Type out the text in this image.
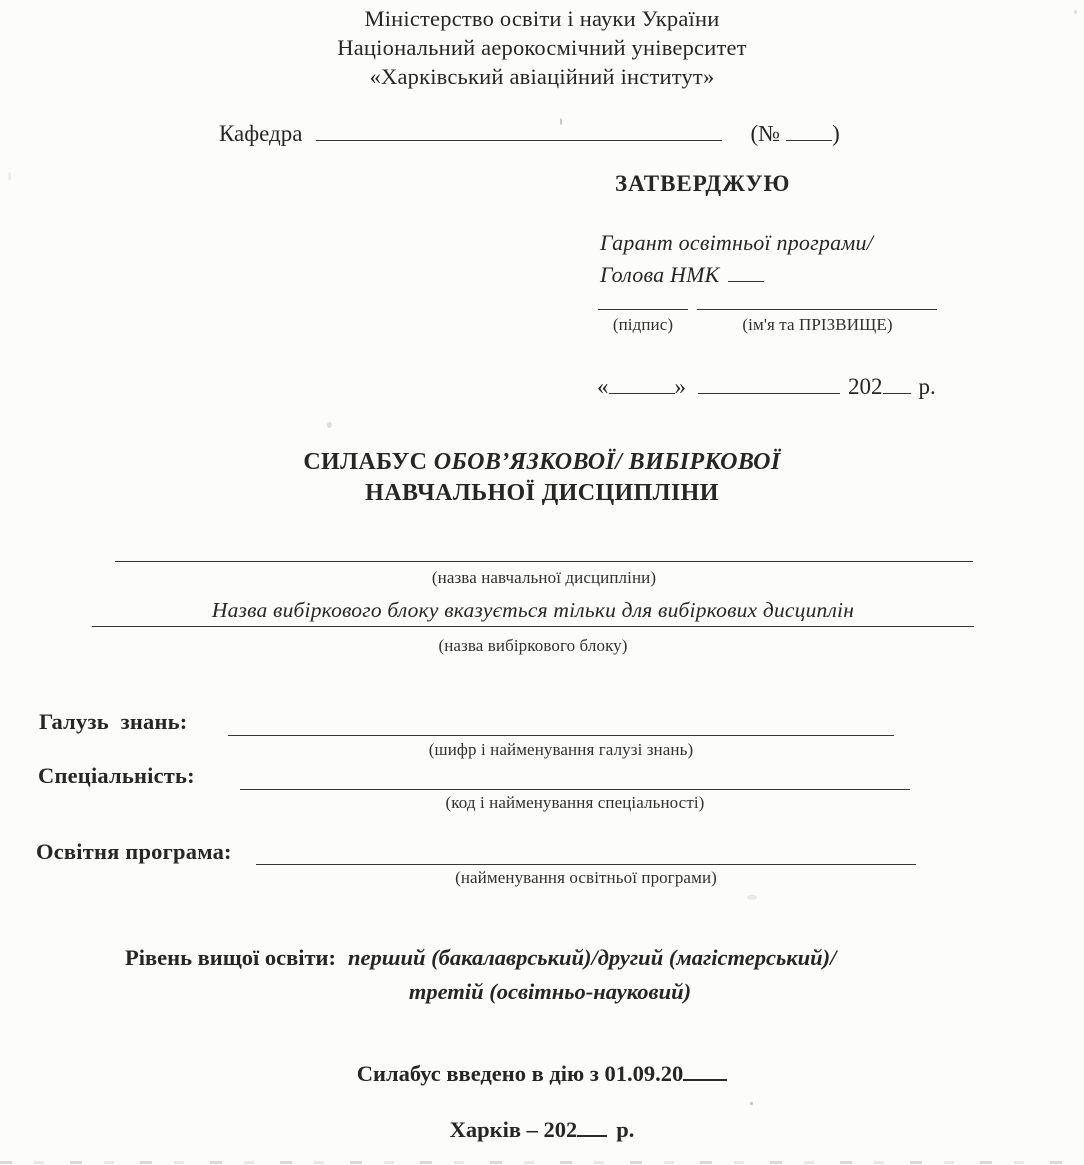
Міністерство освіти і науки України
Національний аерокосмічний університет
«Харківський авіаційний інститут»
Кафедра	(№ )
ЗАТВЕРДЖУЮ
Гарант освітньої програми/
Голова НМК
(підпис)	(ім'я та ПРІЗВИЩЕ)
«	»	202 р.
СИЛАБУС ОБОВ’ЯЗКОВОЇ/ ВИБІРКОВОЇ
НАВЧАЛЬНОЇ ДИСЦИПЛІНИ
(назва навчальної дисципліни)
Назва вибіркового блоку вказується тільки для вибіркових дисциплін
(назва вибіркового блоку)
Галузь знань:
(шифр і найменування галузі знань)
Спеціальність:
(код і найменування спеціальності)
Освітня програма:
(найменування освітньої програми)
Рівень вищої освіти: перший (бакалаврський)/другий (магістерський)/
третій (освітньо-науковий)
Силабус введено в дію з 01.09.20
Харків – 202 р.
